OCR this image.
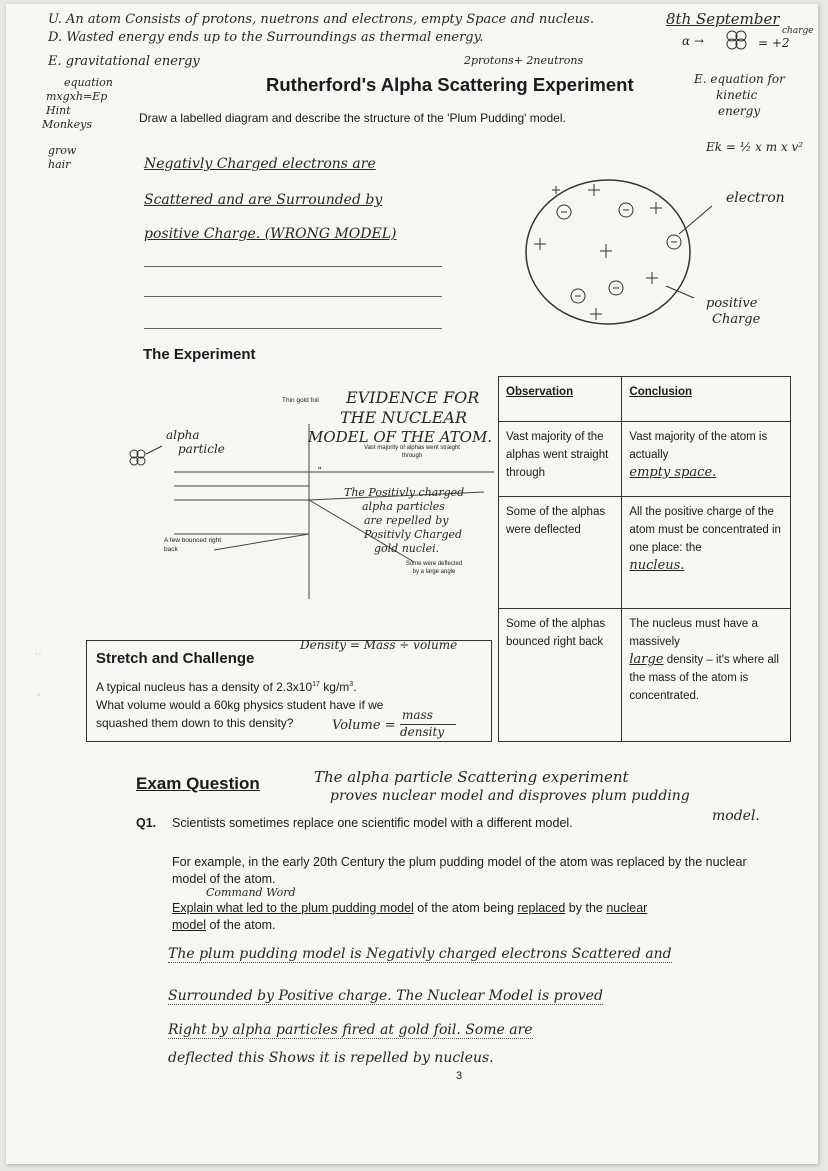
U. An atom Consists of protons, nuetrons and electrons, empty Space and nucleus.
D. Wasted energy ends up to the Surroundings as thermal energy.
E. gravitational energy	2protons+ 2neutrons
equation
mxgxh=Ep
Hint
Monkeys
grow
hair
8th September
α →
charge
= +2
E. equation for
kinetic
energy
Ek = ½ x m x v²
Rutherford's Alpha Scattering Experiment
Draw a labelled diagram and describe the structure of the 'Plum Pudding' model.
Negativly Charged electrons are
Scattered and are Surrounded by
positive Charge. (WRONG MODEL)
electron
positive
Charge
The Experiment
Thin gold foil EVIDENCE FOR
THE NUCLEAR
MODEL OF THE ATOM.
Vast majority of alphas went straight through
alpha
particle
A few bounced right back
"
The Positivly charged
alpha particles
are repelled by
Positivly Charged
gold nuclei.
Some were deflected by a large angle
Observation	Conclusion
Vast majority of the alphas went straight through	Vast majority of the atom is actually
empty space.
Some of the alphas were deflected	All the positive charge of the atom must be concentrated in one place: the
nucleus.
Some of the alphas bounced right back	The nucleus must have a massively
large density – it's where all the mass of the atom is concentrated.
Stretch and Challenge
Density = Mass ÷ volume
A typical nucleus has a density of $2.3x10^{17}$ $kg/m^3$.
What volume would a 60kg physics student have if we
squashed them down to this density?	Volume =
mass
density
··
·
Exam Question	The alpha particle Scattering experiment
proves nuclear model and disproves plum pudding
model.
Q1. Scientists sometimes replace one scientific model with a different model.
For example, in the early 20th Century the plum pudding model of the atom was replaced by the nuclear model of the atom.
Command Word
Explain what led to the plum pudding model of the atom being replaced by the nuclear
model of the atom.
The plum pudding model is Negativly charged electrons Scattered and
Surrounded by Positive charge. The Nuclear Model is proved
Right by alpha particles fired at gold foil. Some are
deflected this Shows it is repelled by nucleus.
3
